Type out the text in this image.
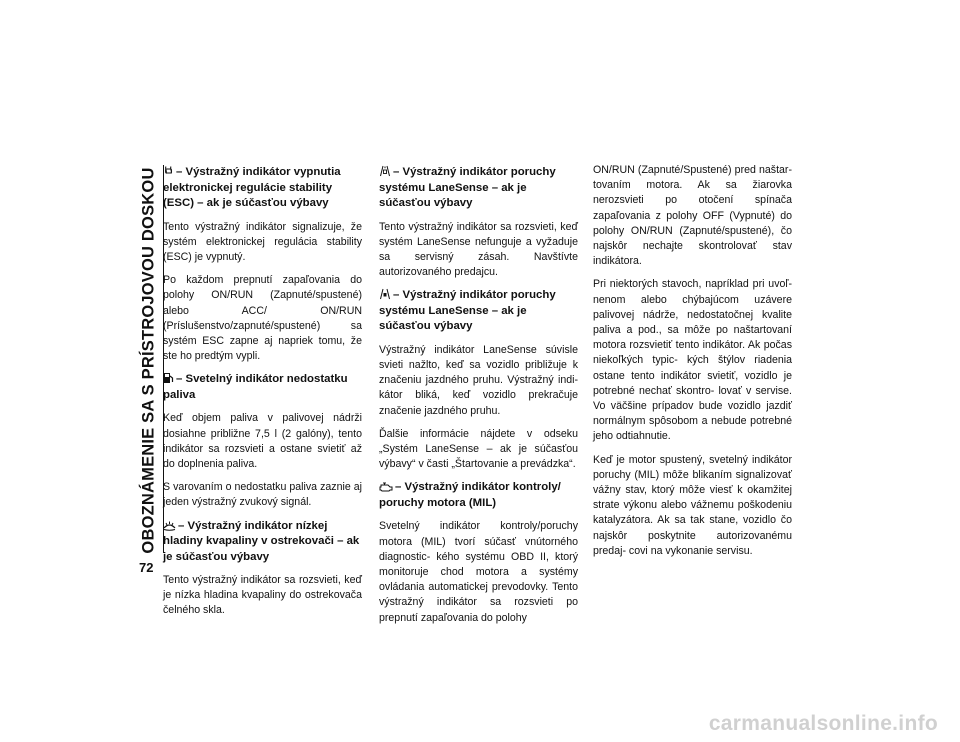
OBOZNÁMENIE SA S PRÍSTROJOVOU DOSKOU
72
– Výstražný indikátor vypnutia elektronickej regulácie stability (ESC) – ak je súčasťou výbavy

Tento výstražný indikátor signalizuje, že systém elektronickej regulácia stability (ESC) je vypnutý.

Po každom prepnutí zapaľovania do polohy ON/RUN (Zapnuté/spustené) alebo ACC/ ON/RUN (Príslušenstvo/zapnuté/spustené) sa systém ESC zapne aj napriek tomu, že ste ho predtým vypli.

– Svetelný indikátor nedostatku paliva

Keď objem paliva v palivovej nádrži dosiahne približne 7,5 l (2 galóny), tento indikátor sa rozsvieti a ostane svietiť až do doplnenia paliva.

S varovaním o nedostatku paliva zaznie aj jeden výstražný zvukový signál.

– Výstražný indikátor nízkej hladiny kvapaliny v ostrekovači – ak je súčasťou výbavy

Tento výstražný indikátor sa rozsvieti, keď je nízka hladina kvapaliny do ostrekovača čelného skla.

– Výstražný indikátor poruchy systému LaneSense – ak je súčasťou výbavy

Tento výstražný indikátor sa rozsvieti, keď systém LaneSense nefunguje a vyžaduje sa servisný zásah. Navštívte autorizovaného predajcu.

– Výstražný indikátor poruchy systému LaneSense – ak je súčasťou výbavy

Výstražný indikátor LaneSense súvisle svieti nažlto, keď sa vozidlo približuje k značeniu jazdného pruhu. Výstražný indi- kátor bliká, keď vozidlo prekračuje značenie jazdného pruhu.

Ďalšie informácie nájdete v odseku „Systém LaneSense – ak je súčasťou výbavy“ v časti „Štartovanie a prevádzka“.

– Výstražný indikátor kontroly/ poruchy motora (MIL)

Svetelný indikátor kontroly/poruchy motora (MIL) tvorí súčasť vnútorného diagnostic- kého systému OBD II, ktorý monitoruje chod motora a systémy ovládania automatickej prevodovky. Tento výstražný indikátor sa rozsvieti po prepnutí zapaľovania do polohy

ON/RUN (Zapnuté/Spustené) pred naštar- tovaním motora. Ak sa žiarovka nerozsvieti po otočení spínača zapaľovania z polohy OFF (Vypnuté) do polohy ON/RUN (Zapnuté/spustené), čo najskôr nechajte skontrolovať stav indikátora.

Pri niektorých stavoch, napríklad pri uvoľ- nenom alebo chýbajúcom uzávere palivovej nádrže, nedostatočnej kvalite paliva a pod., sa môže po naštartovaní motora rozsvietiť tento indikátor. Ak počas niekoľkých typic- kých štýlov riadenia ostane tento indikátor svietiť, vozidlo je potrebné nechať skontro- lovať v servise. Vo väčšine prípadov bude vozidlo jazdiť normálnym spôsobom a nebude potrebné jeho odtiahnutie.

Keď je motor spustený, svetelný indikátor poruchy (MIL) môže blikaním signalizovať vážny stav, ktorý môže viesť k okamžitej strate výkonu alebo vážnemu poškodeniu katalyzátora. Ak sa tak stane, vozidlo čo najskôr poskytnite autorizovanému predaj- covi na vykonanie servisu.

carmanualsonline.info
